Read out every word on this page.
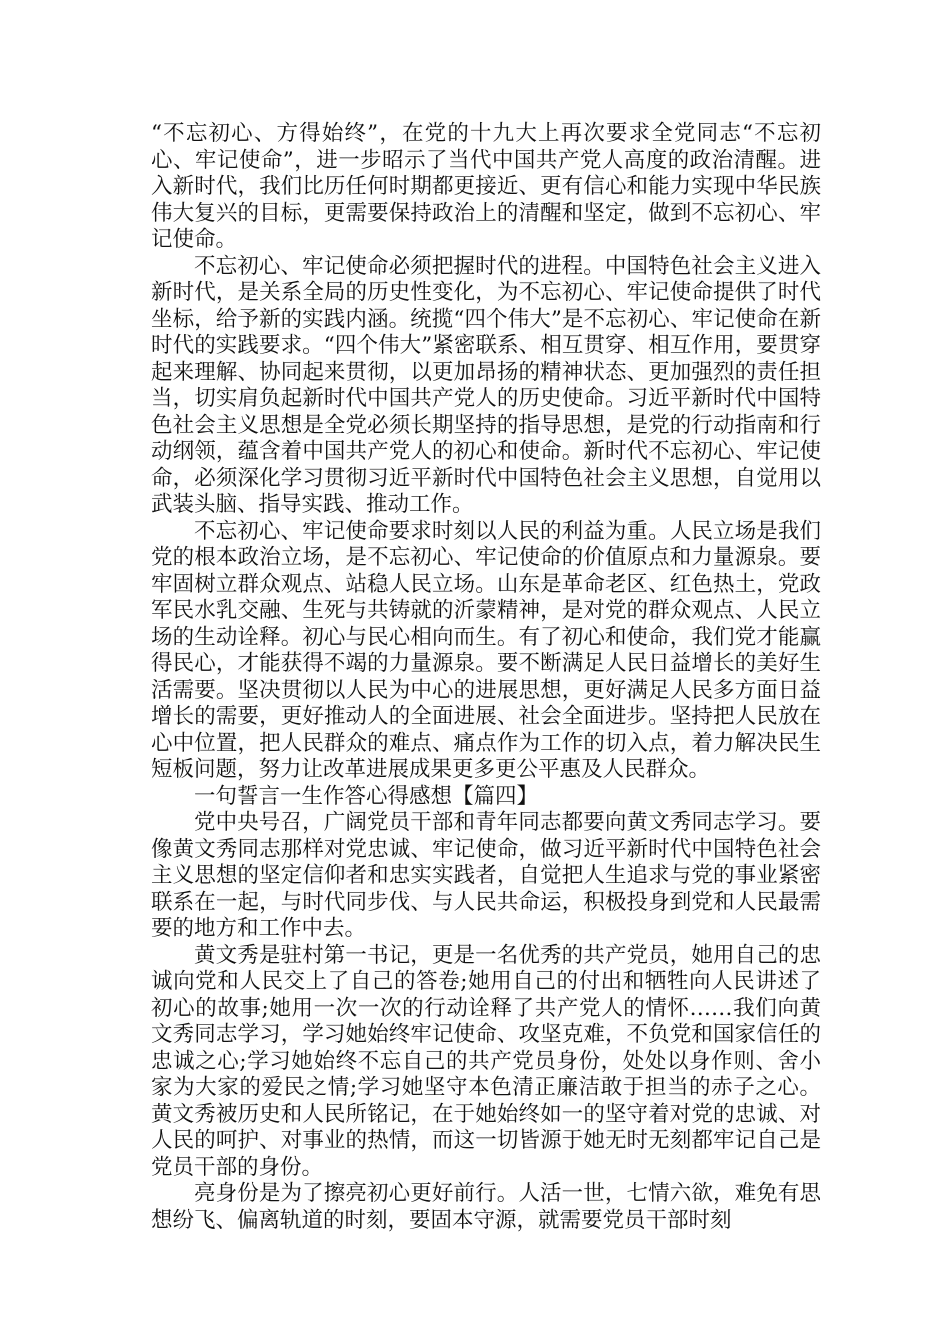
“不忘初心、方得始终”，在党的十九大上再次要求全党同志“不忘初心、牢记使命”，进一步昭示了当代中国共产党人高度的政治清醒。进入新时代，我们比历任何时期都更接近、更有信心和能力实现中华民族伟大复兴的目标，更需要保持政治上的清醒和坚定，做到不忘初心、牢记使命。

不忘初心、牢记使命必须把握时代的进程。中国特色社会主义进入新时代，是关系全局的历史性变化，为不忘初心、牢记使命提供了时代坐标，给予新的实践内涵。统揽“四个伟大”是不忘初心、牢记使命在新时代的实践要求。“四个伟大”紧密联系、相互贯穿、相互作用，要贯穿起来理解、协同起来贯彻，以更加昂扬的精神状态、更加强烈的责任担当，切实肩负起新时代中国共产党人的历史使命。习近平新时代中国特色社会主义思想是全党必须长期坚持的指导思想，是党的行动指南和行动纲领，蕴含着中国共产党人的初心和使命。新时代不忘初心、牢记使命，必须深化学习贯彻习近平新时代中国特色社会主义思想，自觉用以武装头脑、指导实践、推动工作。

不忘初心、牢记使命要求时刻以人民的利益为重。人民立场是我们党的根本政治立场，是不忘初心、牢记使命的价值原点和力量源泉。要牢固树立群众观点、站稳人民立场。山东是革命老区、红色热土，党政军民水乳交融、生死与共铸就的沂蒙精神，是对党的群众观点、人民立场的生动诠释。初心与民心相向而生。有了初心和使命，我们党才能赢得民心，才能获得不竭的力量源泉。要不断满足人民日益增长的美好生活需要。坚决贯彻以人民为中心的进展思想，更好满足人民多方面日益增长的需要，更好推动人的全面进展、社会全面进步。坚持把人民放在心中位置，把人民群众的难点、痛点作为工作的切入点，着力解决民生短板问题，努力让改革进展成果更多更公平惠及人民群众。

一句誓言一生作答心得感想【篇四】

党中央号召，广阔党员干部和青年同志都要向黄文秀同志学习。要像黄文秀同志那样对党忠诚、牢记使命，做习近平新时代中国特色社会主义思想的坚定信仰者和忠实实践者，自觉把人生追求与党的事业紧密联系在一起，与时代同步伐、与人民共命运，积极投身到党和人民最需要的地方和工作中去。

黄文秀是驻村第一书记，更是一名优秀的共产党员，她用自己的忠诚向党和人民交上了自己的答卷;她用自己的付出和牺牲向人民讲述了初心的故事;她用一次一次的行动诠释了共产党人的情怀……我们向黄文秀同志学习，学习她始终牢记使命、攻坚克难，不负党和国家信任的忠诚之心;学习她始终不忘自己的共产党员身份，处处以身作则、舍小家为大家的爱民之情;学习她坚守本色清正廉洁敢于担当的赤子之心。黄文秀被历史和人民所铭记，在于她始终如一的坚守着对党的忠诚、对人民的呵护、对事业的热情，而这一切皆源于她无时无刻都牢记自己是党员干部的身份。

亮身份是为了擦亮初心更好前行。人活一世，七情六欲，难免有思想纷飞、偏离轨道的时刻，要固本守源，就需要党员干部时刻
